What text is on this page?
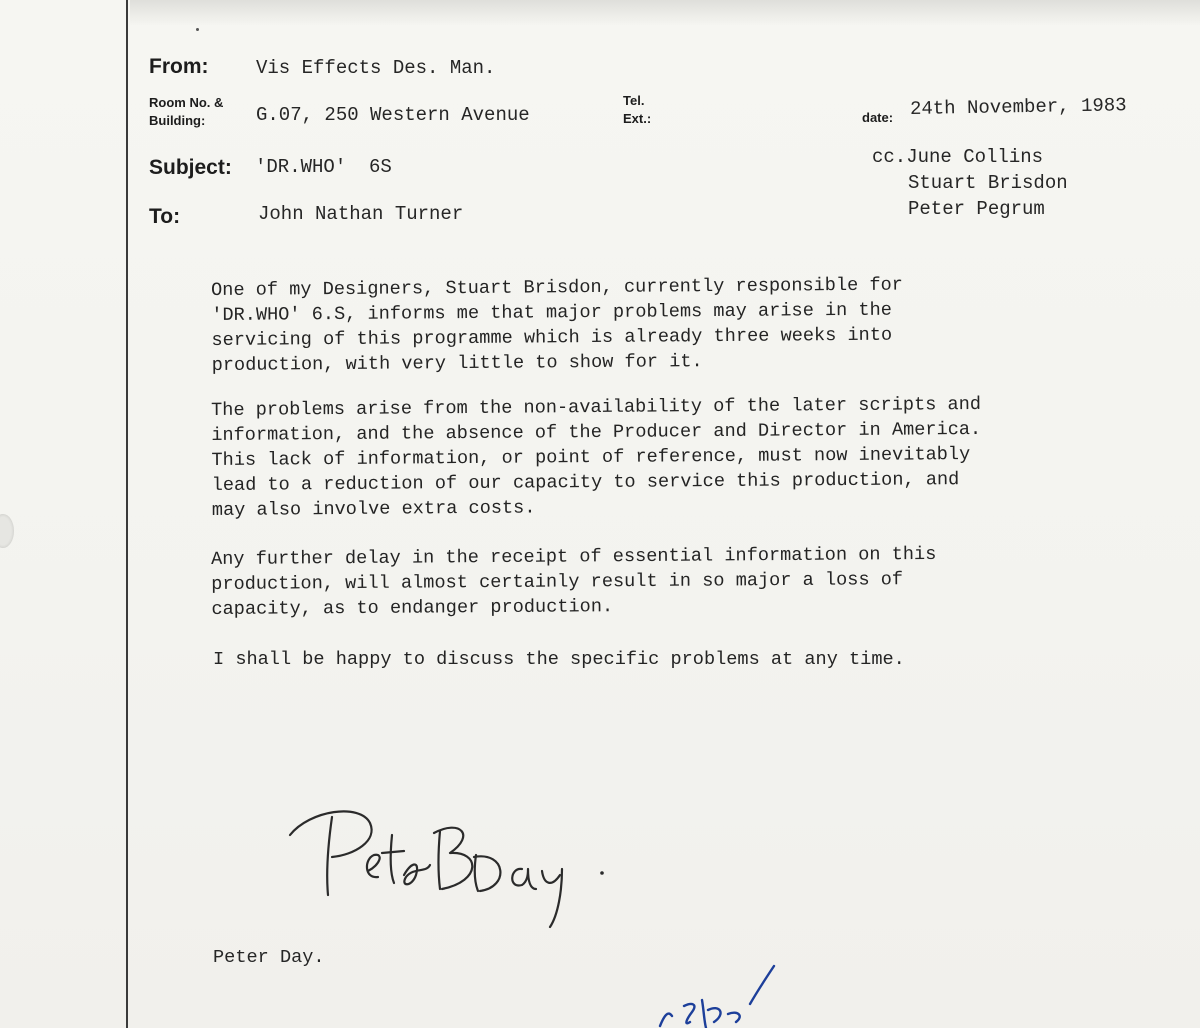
From:	Vis Effects Des. Man.
Room No. &
Building:	G.07, 250 Western Avenue
Tel.
Ext.:	date: 24th November, 1983
Subject: 'DR.WHO'  6S	cc.June Collins
Stuart Brisdon
Peter Pegrum
To:	John Nathan Turner
One of my Designers, Stuart Brisdon, currently responsible for
'DR.WHO' 6.S, informs me that major problems may arise in the
servicing of this programme which is already three weeks into
production, with very little to show for it.
The problems arise from the non-availability of the later scripts and
information, and the absence of the Producer and Director in America.
This lack of information, or point of reference, must now inevitably
lead to a reduction of our capacity to service this production, and
may also involve extra costs.
Any further delay in the receipt of essential information on this
production, will almost certainly result in so major a loss of
capacity, as to endanger production.
I shall be happy to discuss the specific problems at any time.
Peter Day.
